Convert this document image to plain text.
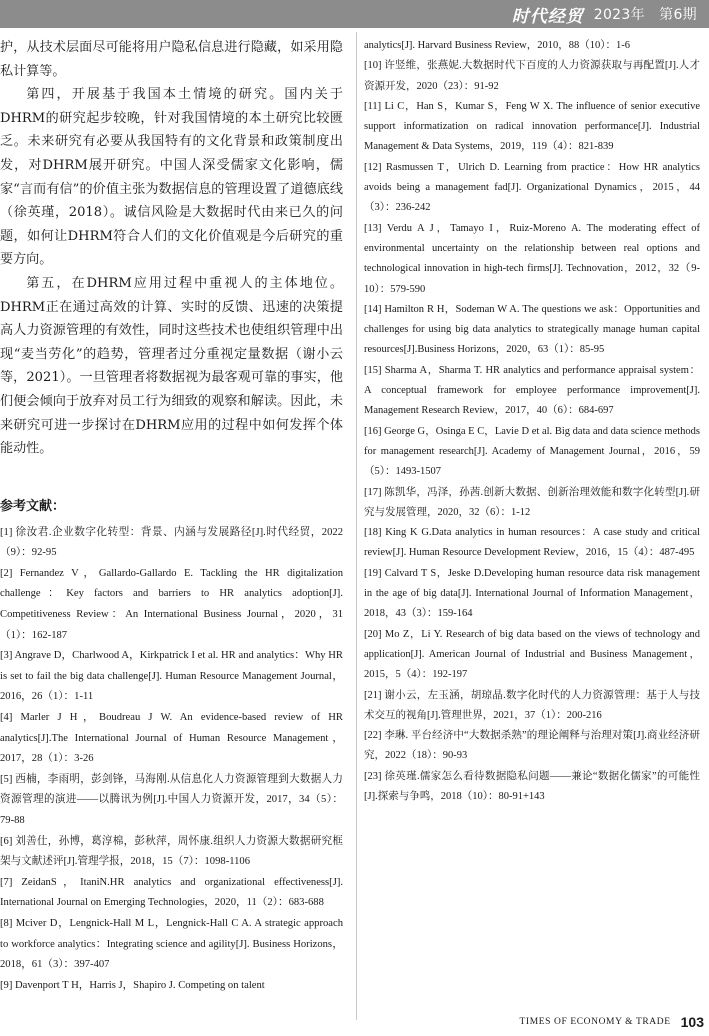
时代经贸 2023年　第6期

护，从技术层面尽可能将用户隐私信息进行隐藏，如采用隐私计算等。

第四，开展基于我国本土情境的研究。国内关于DHRM的研究起步较晚，针对我国情境的本土研究比较匮乏。未来研究有必要从我国特有的文化背景和政策制度出发，对DHRM展开研究。中国人深受儒家文化影响，儒家“言而有信”的价值主张为数据信息的管理设置了道德底线（徐英瑾，2018）。诚信风险是大数据时代由来已久的问题，如何让DHRM符合人们的文化价值观是今后研究的重要方向。

第五，在DHRM应用过程中重视人的主体地位。DHRM正在通过高效的计算、实时的反馈、迅速的决策提高人力资源管理的有效性，同时这些技术也使组织管理中出现“麦当劳化”的趋势，管理者过分重视定量数据（谢小云等，2021）。一旦管理者将数据视为最客观可靠的事实，他们便会倾向于放弃对员工行为细致的观察和解读。因此，未来研究可进一步探讨在DHRM应用的过程中如何发挥个体能动性。

参考文献：

[1] 徐汝君.企业数字化转型：背景、内涵与发展路径[J].时代经贸，2022（9）：92-95

[2] Fernandez V，Gallardo-Gallardo E. Tackling the HR digitalization challenge：Key factors and barriers to HR analytics adoption[J]. Competitiveness Review：An International Business Journal，2020，31（1）：162-187

[3] Angrave D，Charlwood A，Kirkpatrick I et al. HR and analytics：Why HR is set to fail the big data challenge[J]. Human Resource Management Journal，2016，26（1）：1-11

[4] Marler J H，Boudreau J W. An evidence-based review of HR analytics[J].The International Journal of Human Resource Management，2017，28（1）：3-26

[5] 西楠，李雨明，彭剑锋，马海刚.从信息化人力资源管理到大数据人力资源管理的演进——以腾讯为例[J].中国人力资源开发，2017，34（5）：79-88

[6] 刘善仕，孙博，葛淳棉，彭秋萍，周怀康.组织人力资源大数据研究框架与文献述评[J].管理学报，2018，15（7）：1098-1106

[7] ZeidanS，ItaniN.HR analytics and organizational effectiveness[J]. International Journal on Emerging Technologies，2020，11（2）：683-688

[8] Mciver D，Lengnick-Hall M L，Lengnick-Hall C A. A strategic approach to workforce analytics：Integrating science and agility[J]. Business Horizons，2018，61（3）：397-407

[9] Davenport T H，Harris J，Shapiro J. Competing on talent

analytics[J]. Harvard Business Review，2010，88（10）：1-6

[10] 许竖维，张燕妮.大数据时代下百度的人力资源获取与再配置[J].人才资源开发，2020（23）：91-92

[11] Li C，Han S，Kumar S，Feng W X. The influence of senior executive support informatization on radical innovation performance[J]. Industrial Management & Data Systems，2019，119（4）：821-839

[12] Rasmussen T，Ulrich D. Learning from practice：How HR analytics avoids being a management fad[J]. Organizational Dynamics，2015，44（3）：236-242

[13] Verdu A J，Tamayo I，Ruiz-Moreno A. The moderating effect of environmental uncertainty on the relationship between real options and technological innovation in high-tech firms[J]. Technovation，2012，32（9-10）：579-590

[14] Hamilton R H，Sodeman W A. The questions we ask：Opportunities and challenges for using big data analytics to strategically manage human capital resources[J].Business Horizons，2020，63（1）：85-95

[15] Sharma A，Sharma T. HR analytics and performance appraisal system：A conceptual framework for employee performance improvement[J]. Management Research Review，2017，40（6）：684-697

[16] George G，Osinga E C，Lavie D et al. Big data and data science methods for management research[J]. Academy of Management Journal，2016，59（5）：1493-1507

[17] 陈凯华，冯泽，孙茜.创新大数据、创新治理效能和数字化转型[J].研究与发展管理，2020，32（6）：1-12

[18] King K G.Data analytics in human resources：A case study and critical review[J]. Human Resource Development Review，2016，15（4）：487-495

[19] Calvard T S，Jeske D.Developing human resource data risk management in the age of big data[J]. International Journal of Information Management，2018，43（3）：159-164

[20] Mo Z，Li Y. Research of big data based on the views of technology and application[J]. American Journal of Industrial and Business Management，2015，5（4）：192-197

[21] 谢小云，左玉涵，胡琼晶.数字化时代的人力资源管理：基于人与技术交互的视角[J].管理世界，2021，37（1）：200-216

[22] 李琳. 平台经济中“大数据杀熟”的理论阐释与治理对策[J].商业经济研究，2022（18）：90-93

[23] 徐英瑾.儒家怎么看待数据隐私问题——兼论“数据化儒家”的可能性[J].探索与争鸣，2018（10）：80-91+143

TIMES OF ECONOMY & TRADE 103
